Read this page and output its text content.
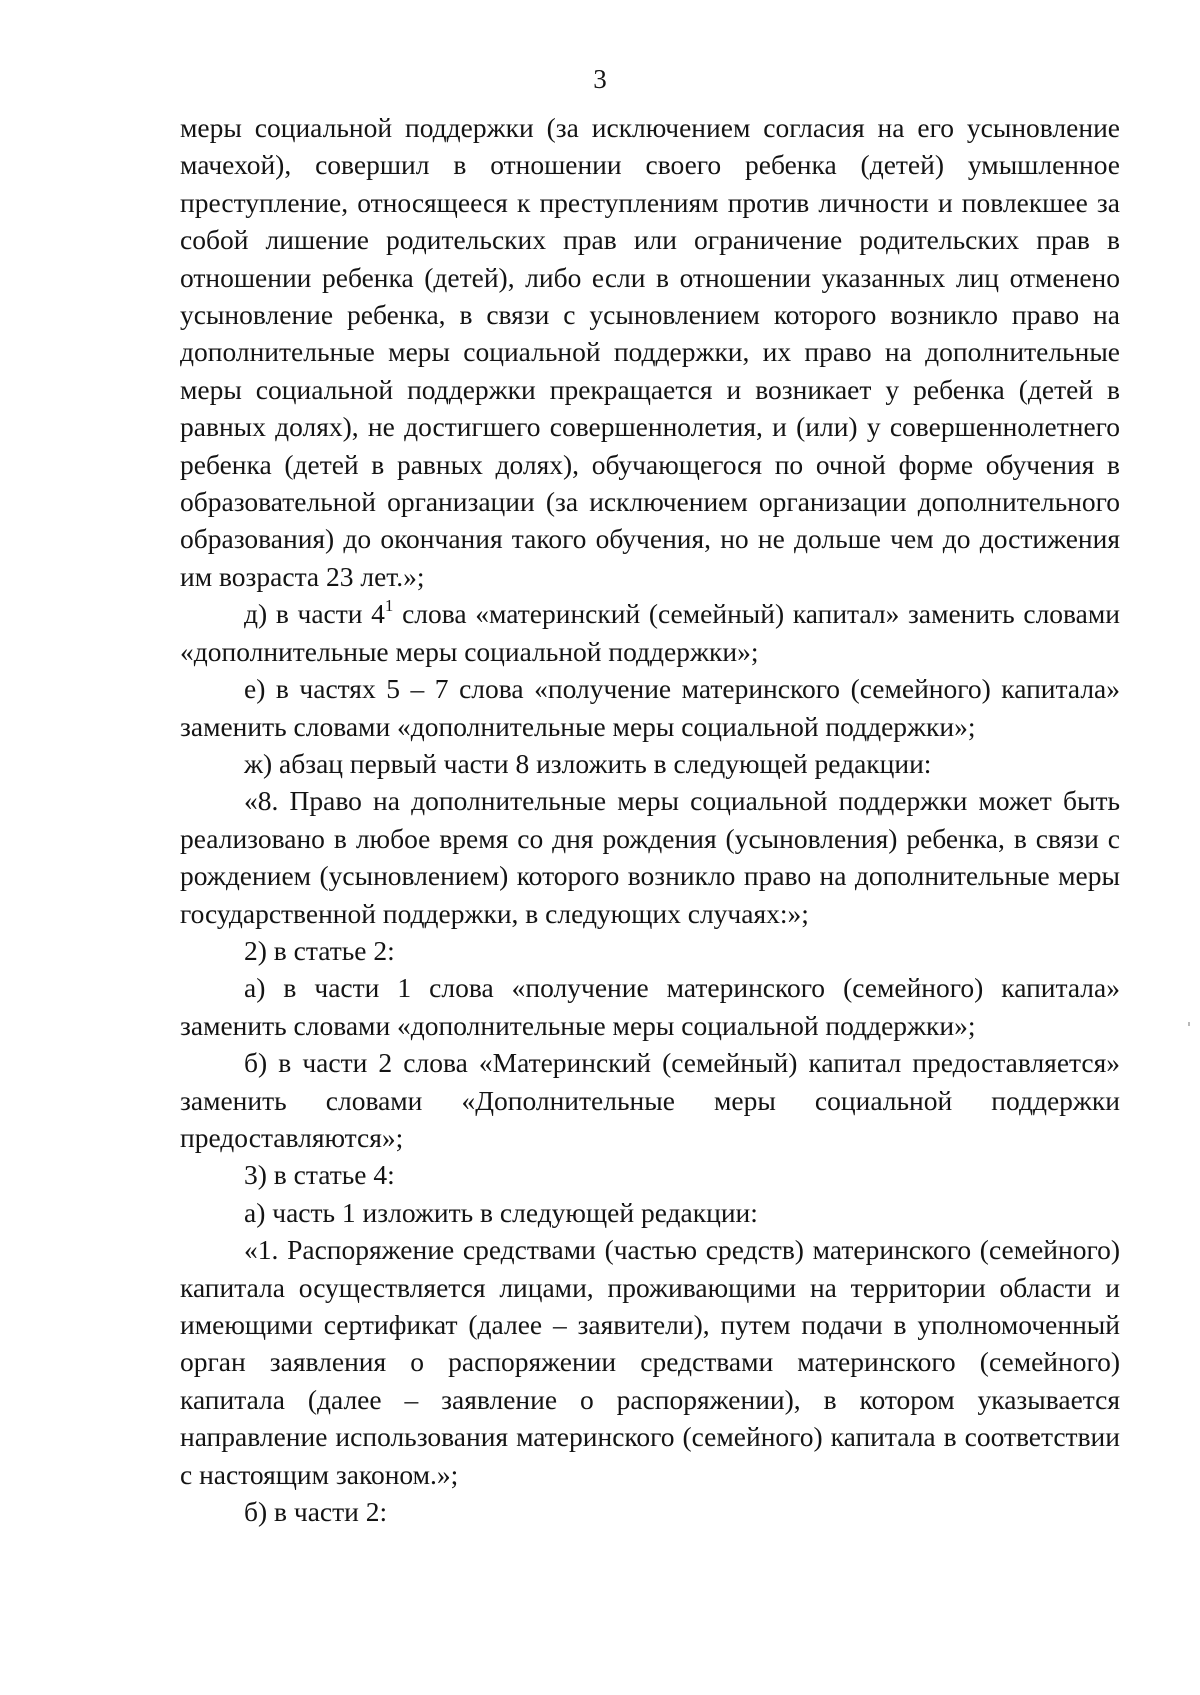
3

меры социальной поддержки (за исключением согласия на его усыновление мачехой), совершил в отношении своего ребенка (детей) умышленное преступление, относящееся к преступлениям против личности и повлекшее за собой лишение родительских прав или ограничение родительских прав в отношении ребенка (детей), либо если в отношении указанных лиц отменено усыновление ребенка, в связи с усыновлением которого возникло право на дополнительные меры социальной поддержки, их право на дополнительные меры социальной поддержки прекращается и возникает у ребенка (детей в равных долях), не достигшего совершеннолетия, и (или) у совершеннолетнего ребенка (детей в равных долях), обучающегося по очной форме обучения в образовательной организации (за исключением организации дополнительного образования) до окончания такого обучения, но не дольше чем до достижения им возраста 23 лет.»;

д) в части $4^1$ слова «материнский (семейный) капитал» заменить словами «дополнительные меры социальной поддержки»;

е) в частях 5 – 7 слова «получение материнского (семейного) капитала» заменить словами «дополнительные меры социальной поддержки»;

ж) абзац первый части 8 изложить в следующей редакции:

«8. Право на дополнительные меры социальной поддержки может быть реализовано в любое время со дня рождения (усыновления) ребенка, в связи с рождением (усыновлением) которого возникло право на дополнительные меры государственной поддержки, в следующих случаях:»;

2) в статье 2:

а) в части 1 слова «получение материнского (семейного) капитала» заменить словами «дополнительные меры социальной поддержки»;

б) в части 2 слова «Материнский (семейный) капитал предоставляется» заменить словами «Дополнительные меры социальной поддержки предоставляются»;

3) в статье 4:

а) часть 1 изложить в следующей редакции:

«1. Распоряжение средствами (частью средств) материнского (семейного) капитала осуществляется лицами, проживающими на территории области и имеющими сертификат (далее – заявители), путем подачи в уполномоченный орган заявления о распоряжении средствами материнского (семейного) капитала (далее – заявление о распоряжении), в котором указывается направление использования материнского (семейного) капитала в соответствии с настоящим законом.»;

б) в части 2:
